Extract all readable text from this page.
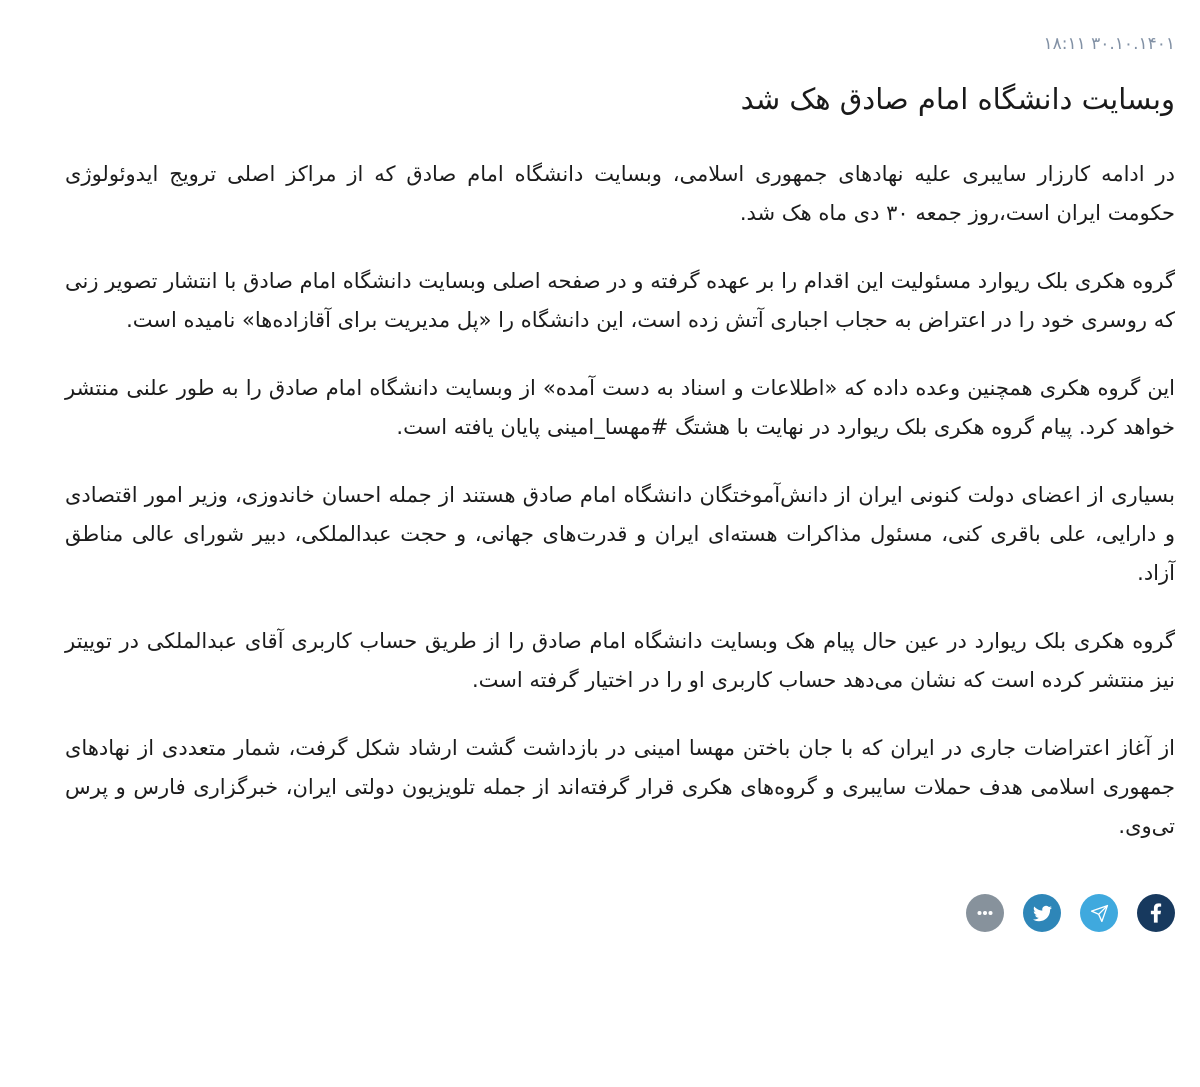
۳۰.۱۰.۱۴۰۱ ۱۸:۱۱
وبسایت دانشگاه امام صادق هک شد

در ادامه کارزار سایبری علیه نهادهای جمهوری اسلامی، وبسایت دانشگاه امام صادق که از مراکز اصلی ترویج ایدوئولوژی حکومت ایران است،روز جمعه ۳۰ دی ماه هک شد.

گروه هکری بلک ریوارد مسئولیت این اقدام را بر عهده گرفته و در صفحه اصلی وبسایت دانشگاه امام صادق با انتشار تصویر زنی که روسری خود را در اعتراض به حجاب اجباری آتش زده است، این دانشگاه را «پل مدیریت برای آقازاده‌ها» نامیده است.

این گروه هکری همچنین وعده داده که «اطلاعات و اسناد به دست آمده» از وبسایت دانشگاه امام صادق را به طور علنی منتشر خواهد کرد. پیام گروه هکری بلک ریوارد در نهایت با هشتگ #مهسا_امینی پایان یافته است.

بسیاری از اعضای دولت کنونی ایران از دانش‌آموختگان دانشگاه امام صادق هستند از جمله احسان خاندوزی، وزیر امور اقتصادی و دارایی، علی باقری کنی، مسئول مذاکرات هسته‌ای ایران و قدرت‌های جهانی، و حجت عبدالملکی، دبیر شورای عالی مناطق آزاد.

گروه هکری بلک ریوارد در عین حال پیام هک وبسایت دانشگاه امام صادق را از طریق حساب کاربری آقای عبدالملکی در توییتر نیز منتشر کرده است که نشان می‌دهد حساب کاربری او را در اختیار گرفته است.

از آغاز اعتراضات جاری در ایران که با جان باختن مهسا امینی در بازداشت گشت ارشاد شکل گرفت، شمار متعددی از نهادهای جمهوری اسلامی هدف حملات سایبری و گروه‌های هکری قرار گرفته‌اند از جمله تلویزیون دولتی ایران، خبرگزاری فارس و پرس تی‌وی.
